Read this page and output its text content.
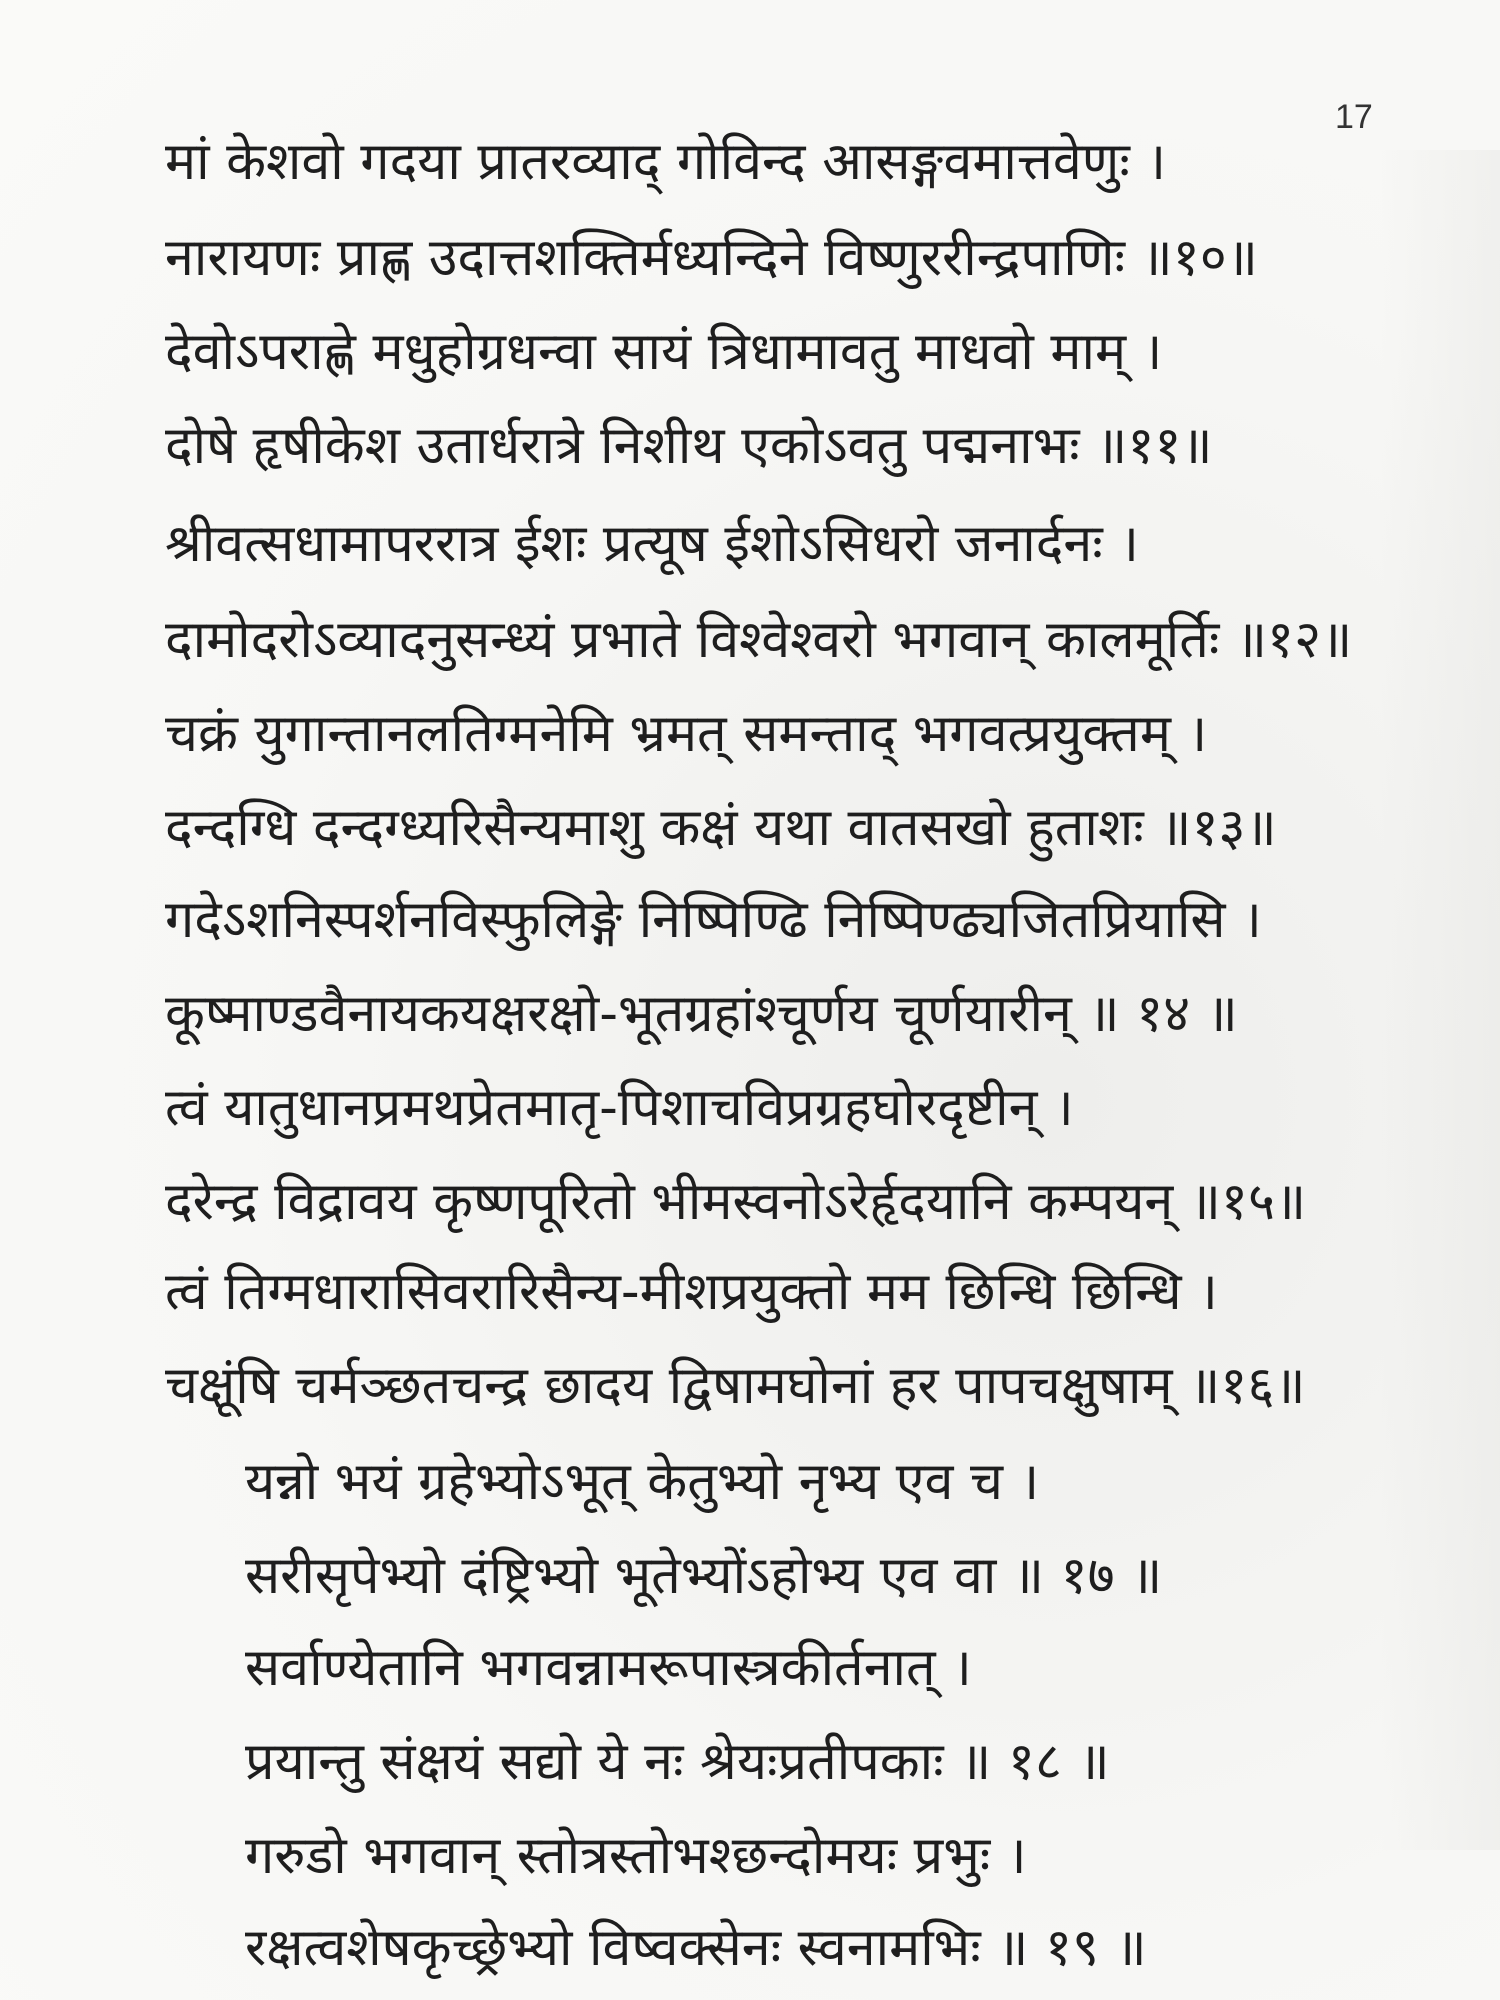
17
मां केशवो गदया प्रातरव्याद् गोविन्द आसङ्गवमात्तवेणुः ।
नारायणः प्राह्ण उदात्तशक्तिर्मध्यन्दिने विष्णुररीन्द्रपाणिः ॥१०॥
देवोऽपराह्णे मधुहोग्रधन्वा सायं त्रिधामावतु माधवो माम् ।
दोषे हृषीकेश उतार्धरात्रे निशीथ एकोऽवतु पद्मनाभः ॥११॥
श्रीवत्सधामापररात्र ईशः प्रत्यूष ईशोऽसिधरो जनार्दनः ।
दामोदरोऽव्यादनुसन्ध्यं प्रभाते विश्वेश्वरो भगवान् कालमूर्तिः ॥१२॥
चक्रं युगान्तानलतिग्मनेमि भ्रमत् समन्ताद् भगवत्प्रयुक्तम् ।
दन्दग्धि दन्दग्ध्यरिसैन्यमाशु कक्षं यथा वातसखो हुताशः ॥१३॥
गदेऽशनिस्पर्शनविस्फुलिङ्गे निष्पिण्ढि निष्पिण्ढ्यजितप्रियासि ।
कूष्माण्डवैनायकयक्षरक्षो-भूतग्रहांश्चूर्णय चूर्णयारीन् ॥ १४ ॥
त्वं यातुधानप्रमथप्रेतमातृ-पिशाचविप्रग्रहघोरदृष्टीन् ।
दरेन्द्र विद्रावय कृष्णपूरितो भीमस्वनोऽरेर्हृदयानि कम्पयन् ॥१५॥
त्वं तिग्मधारासिवरारिसैन्य-मीशप्रयुक्तो मम छिन्धि छिन्धि ।
चक्षूंषि चर्मञ्छतचन्द्र छादय द्विषामघोनां हर पापचक्षुषाम् ॥१६॥
यन्नो भयं ग्रहेभ्योऽभूत् केतुभ्यो नृभ्य एव च ।
सरीसृपेभ्यो दंष्ट्रिभ्यो भूतेभ्योंऽहोभ्य एव वा ॥ १७ ॥
सर्वाण्येतानि भगवन्नामरूपास्त्रकीर्तनात् ।
प्रयान्तु संक्षयं सद्यो ये नः श्रेयःप्रतीपकाः ॥ १८ ॥
गरुडो भगवान् स्तोत्रस्तोभश्छन्दोमयः प्रभुः ।
रक्षत्वशेषकृच्छ्रेभ्यो विष्वक्सेनः स्वनामभिः ॥ १९ ॥
